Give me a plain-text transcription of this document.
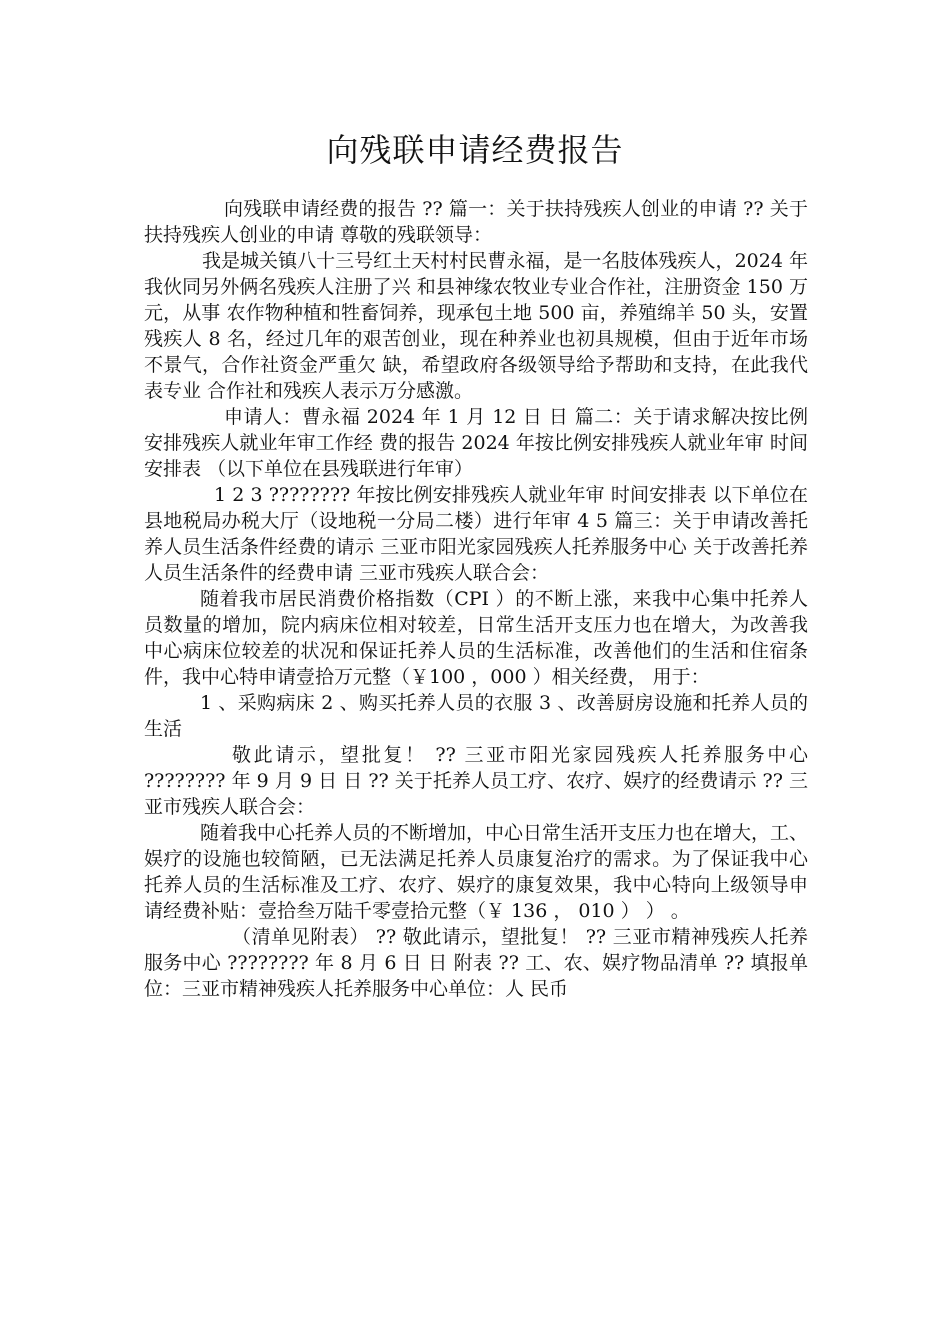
向残联申请经费报告

向残联申请经费的报告 ?? 篇一：关于扶持残疾人创业的申请 ?? 关于扶持残疾人创业的申请 尊敬的残联领导：

我是城关镇八十三号红土天村村民曹永福，是一名肢体残疾人，2024 年我伙同另外俩名残疾人注册了兴 和县神缘农牧业专业合作社，注册资金 150 万元，从事 农作物种植和牲畜饲养，现承包土地 500 亩，养殖绵羊 50 头，安置残疾人 8 名，经过几年的艰苦创业，现在种养业也初具规模，但由于近年市场不景气，合作社资金严重欠 缺，希望政府各级领导给予帮助和支持，在此我代表专业 合作社和残疾人表示万分感激。

申请人：曹永福 2024 年 1 月 12 日 日 篇二：关于请求解决按比例安排残疾人就业年审工作经 费的报告 2024 年按比例安排残疾人就业年审 时间安排表 （以下单位在县残联进行年审）

1 2 3 ???????? 年按比例安排残疾人就业年审 时间安排表 以下单位在县地税局办税大厅（设地税一分局二楼）进行年审 4 5 篇三：关于申请改善托养人员生活条件经费的请示 三亚市阳光家园残疾人托养服务中心 关于改善托养人员生活条件的经费申请 三亚市残疾人联合会：

随着我市居民消费价格指数（CPI ）的不断上涨，来我中心集中托养人员数量的增加，院内病床位相对较差，日常生活开支压力也在增大，为改善我中心病床位较差的状况和保证托养人员的生活标准，改善他们的生活和住宿条件，我中心特申请壹拾万元整（￥100 ，000 ）相关经费， 用于：

1 、采购病床 2 、购买托养人员的衣服 3 、改善厨房设施和托养人员的生活

敬此请示，望批复！ ?? 三亚市阳光家园残疾人托养服务中心 ???????? 年 9 月 9 日 日 ?? 关于托养人员工疗、农疗、娱疗的经费请示 ?? 三亚市残疾人联合会：

随着我中心托养人员的不断增加，中心日常生活开支压力也在增大，工、娱疗的设施也较简陋，已无法满足托养人员康复治疗的需求。为了保证我中心托养人员的生活标准及工疗、农疗、娱疗的康复效果，我中心特向上级领导申请经费补贴：壹拾叁万陆千零壹拾元整（￥ 136 ， 010 ） ） 。

（清单见附表） ?? 敬此请示，望批复！ ?? 三亚市精神残疾人托养服务中心 ???????? 年 8 月 6 日 日 附表 ?? 工、农、娱疗物品清单 ?? 填报单位：三亚市精神残疾人托养服务中心单位：人 民币
